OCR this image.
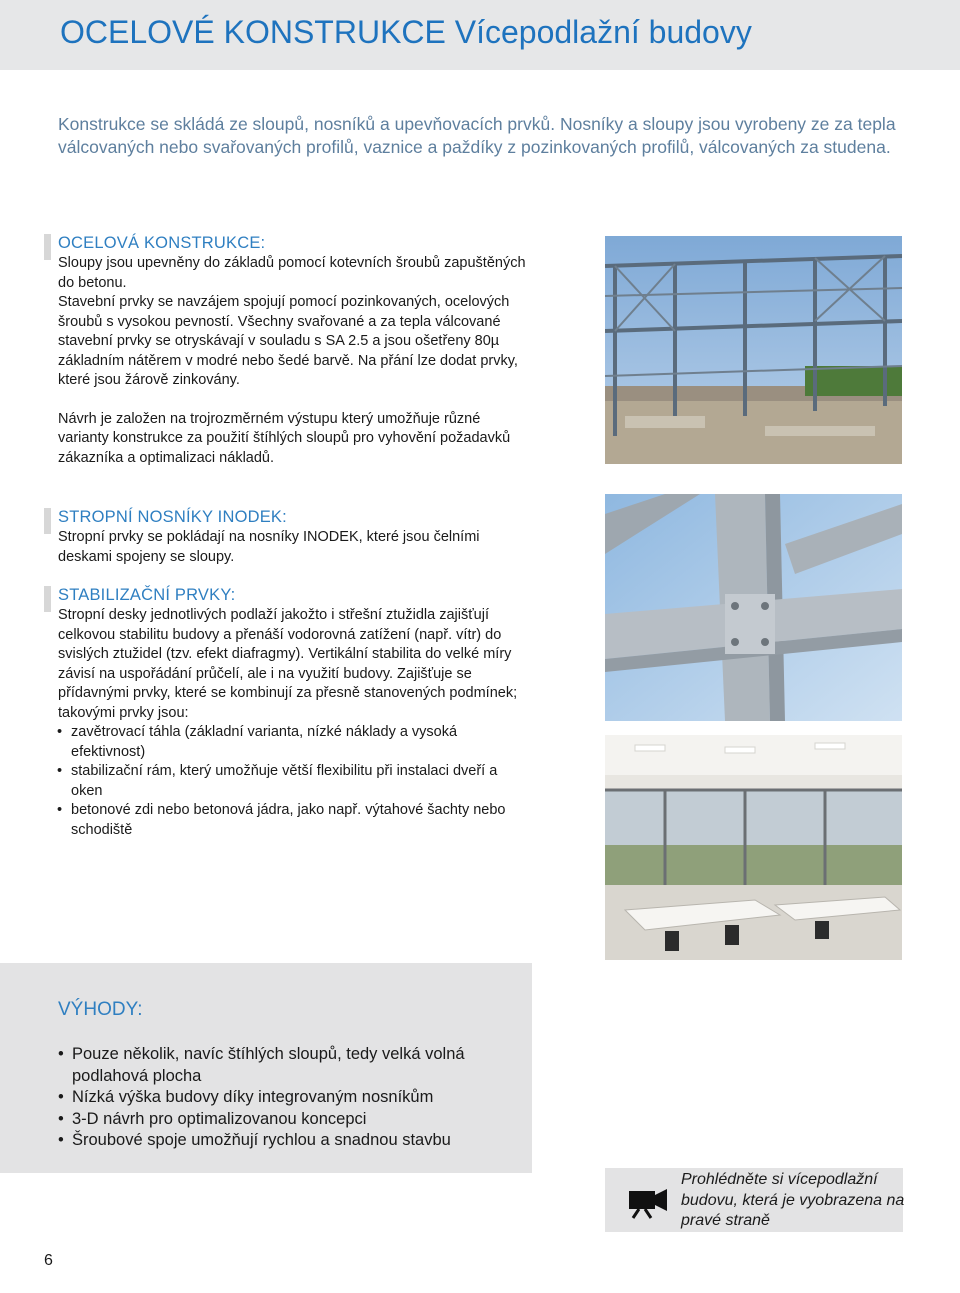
OCELOVÉ KONSTRUKCE Vícepodlažní budovy

Konstrukce se skládá ze sloupů, nosníků a upevňovacích prvků. Nosníky a sloupy jsou vyrobeny ze za tepla válcovaných nebo svařovaných profilů, vaznice a paždíky z pozinkovaných profilů, válcovaných za studena.

OCELOVÁ KONSTRUKCE:

Sloupy jsou upevněny do základů pomocí kotevních šroubů zapuštěných do betonu.

Stavební prvky se navzájem spojují pomocí pozinkovaných, ocelových šroubů s vysokou pevností. Všechny svařované a za tepla válcované stavební prvky se otryskávají v souladu s SA 2.5 a jsou ošetřeny 80µ základním nátěrem v modré nebo šedé barvě. Na přání lze dodat prvky, které jsou žárově zinkovány.

Návrh je založen na trojrozměrném výstupu který umožňuje různé varianty konstrukce za použití štíhlých sloupů pro vyhovění požadavků zákazníka a optimalizaci nákladů.

STROPNÍ NOSNÍKY INODEK:

Stropní prvky se pokládají na nosníky INODEK, které jsou čelními deskami spojeny se sloupy.

STABILIZAČNÍ PRVKY:

Stropní desky jednotlivých podlaží jakožto i střešní ztužidla zajišťují celkovou stabilitu budovy a přenáší vodorovná zatížení (např. vítr) do svislých ztužidel (tzv. efekt diafragmy). Vertikální stabilita do velké míry závisí na uspořádání průčelí, ale i na využití budovy. Zajišťuje se přídavnými prvky, které se kombinují za přesně stanovených podmínek; takovými prvky jsou:

• zavětrovací táhla (základní varianta, nízké náklady a vysoká efektivnost)
• stabilizační rám, který umožňuje větší flexibilitu při instalaci dveří a oken
• betonové zdi nebo betonová jádra, jako např. výtahové šachty nebo schodiště
VÝHODY:
• Pouze několik, navíc štíhlých sloupů, tedy velká volná podlahová plocha
• Nízká výška budovy díky integrovaným nosníkům
• 3-D návrh pro optimalizovanou koncepci
• Šroubové spoje umožňují rychlou a snadnou stavbu
Prohlédněte si vícepodlažní budovu, která je vyobrazena na pravé straně
6
